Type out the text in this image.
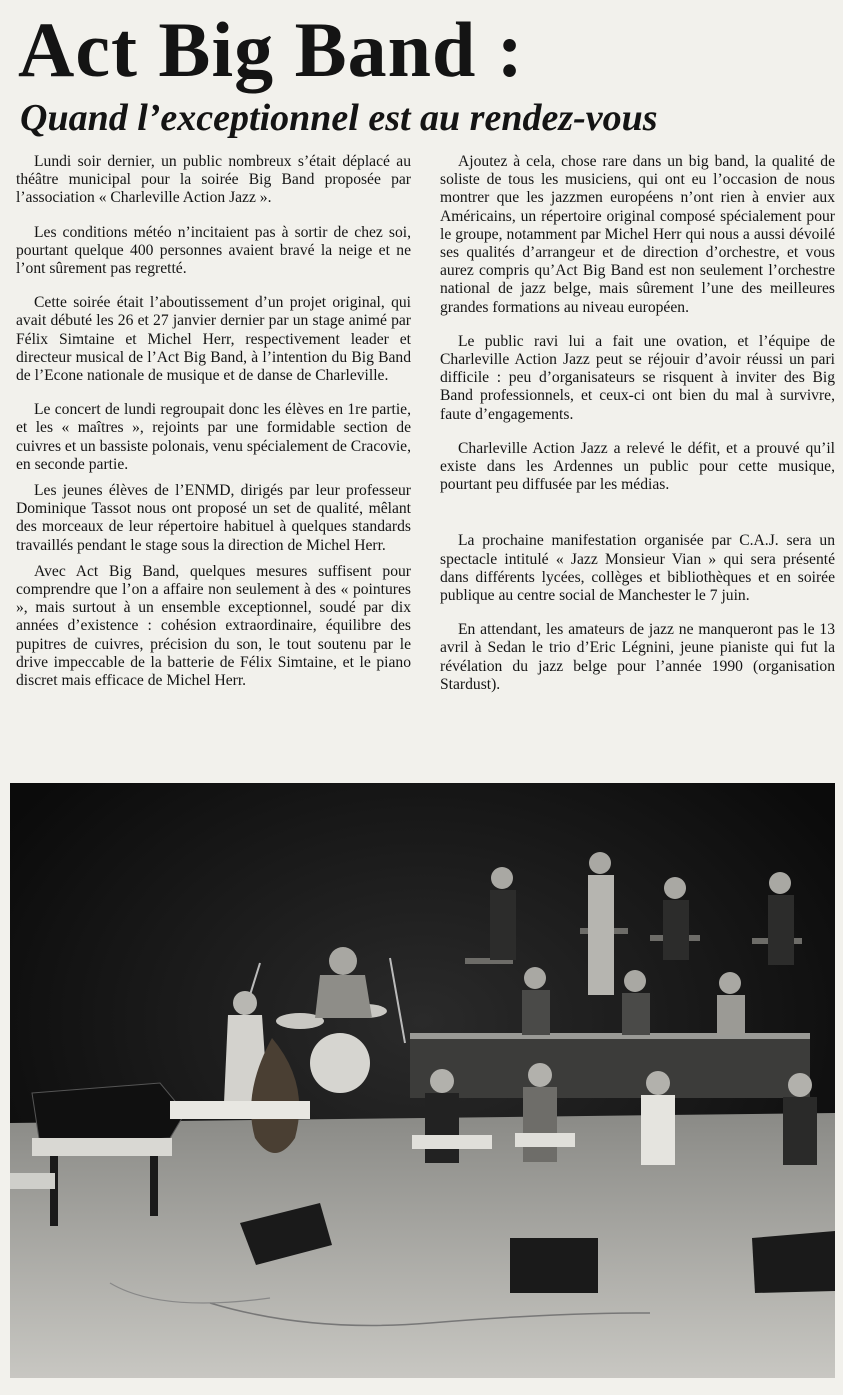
Act Big Band :
Quand l’exceptionnel est au rendez-vous

Lundi soir dernier, un public nombreux s’était déplacé au théâtre municipal pour la soirée Big Band proposée par l’association « Charleville Action Jazz ».

Les conditions météo n’incitaient pas à sortir de chez soi, pourtant quelque 400 personnes avaient bravé la neige et ne l’ont sûrement pas regretté.

Cette soirée était l’aboutissement d’un projet original, qui avait débuté les 26 et 27 janvier dernier par un stage animé par Félix Simtaine et Michel Herr, respectivement leader et directeur musical de l’Act Big Band, à l’intention du Big Band de l’Econe nationale de musique et de danse de Charleville.

Le concert de lundi regroupait donc les élèves en 1re partie, et les « maîtres », rejoints par une formidable section de cuivres et un bassiste polonais, venu spécialement de Cracovie, en seconde partie.

Les jeunes élèves de l’ENMD, dirigés par leur professeur Dominique Tassot nous ont proposé un set de qualité, mêlant des morceaux de leur répertoire habituel à quelques standards travaillés pendant le stage sous la direction de Michel Herr.

Avec Act Big Band, quelques mesures suffisent pour comprendre que l’on a affaire non seulement à des « pointures », mais surtout à un ensemble exceptionnel, soudé par dix années d’existence : cohésion extraordinaire, équilibre des pupitres de cuivres, précision du son, le tout soutenu par le drive impeccable de la batterie de Félix Simtaine, et le piano discret mais efficace de Michel Herr.

Ajoutez à cela, chose rare dans un big band, la qualité de soliste de tous les musiciens, qui ont eu l’occasion de nous montrer que les jazzmen européens n’ont rien à envier aux Américains, un répertoire original composé spécialement pour le groupe, notamment par Michel Herr qui nous a aussi dévoilé ses qualités d’arrangeur et de direction d’orchestre, et vous aurez compris qu’Act Big Band est non seulement l’orchestre national de jazz belge, mais sûrement l’une des meilleures grandes formations au niveau européen.

Le public ravi lui a fait une ovation, et l’équipe de Charleville Action Jazz peut se réjouir d’avoir réussi un pari difficile : peu d’organisateurs se risquent à inviter des Big Band professionnels, et ceux-ci ont bien du mal à survivre, faute d’engagements.

Charleville Action Jazz a relevé le défit, et a prouvé qu’il existe dans les Ardennes un public pour cette musique, pourtant peu diffusée par les médias.

La prochaine manifestation organisée par C.A.J. sera un spectacle intitulé « Jazz Monsieur Vian » qui sera présenté dans différents lycées, collèges et bibliothèques et en soirée publique au centre social de Manchester le 7 juin.

En attendant, les amateurs de jazz ne manqueront pas le 13 avril à Sedan le trio d’Eric Légnini, jeune pianiste qui fut la révélation du jazz belge pour l’année 1990 (organisation Stardust).
